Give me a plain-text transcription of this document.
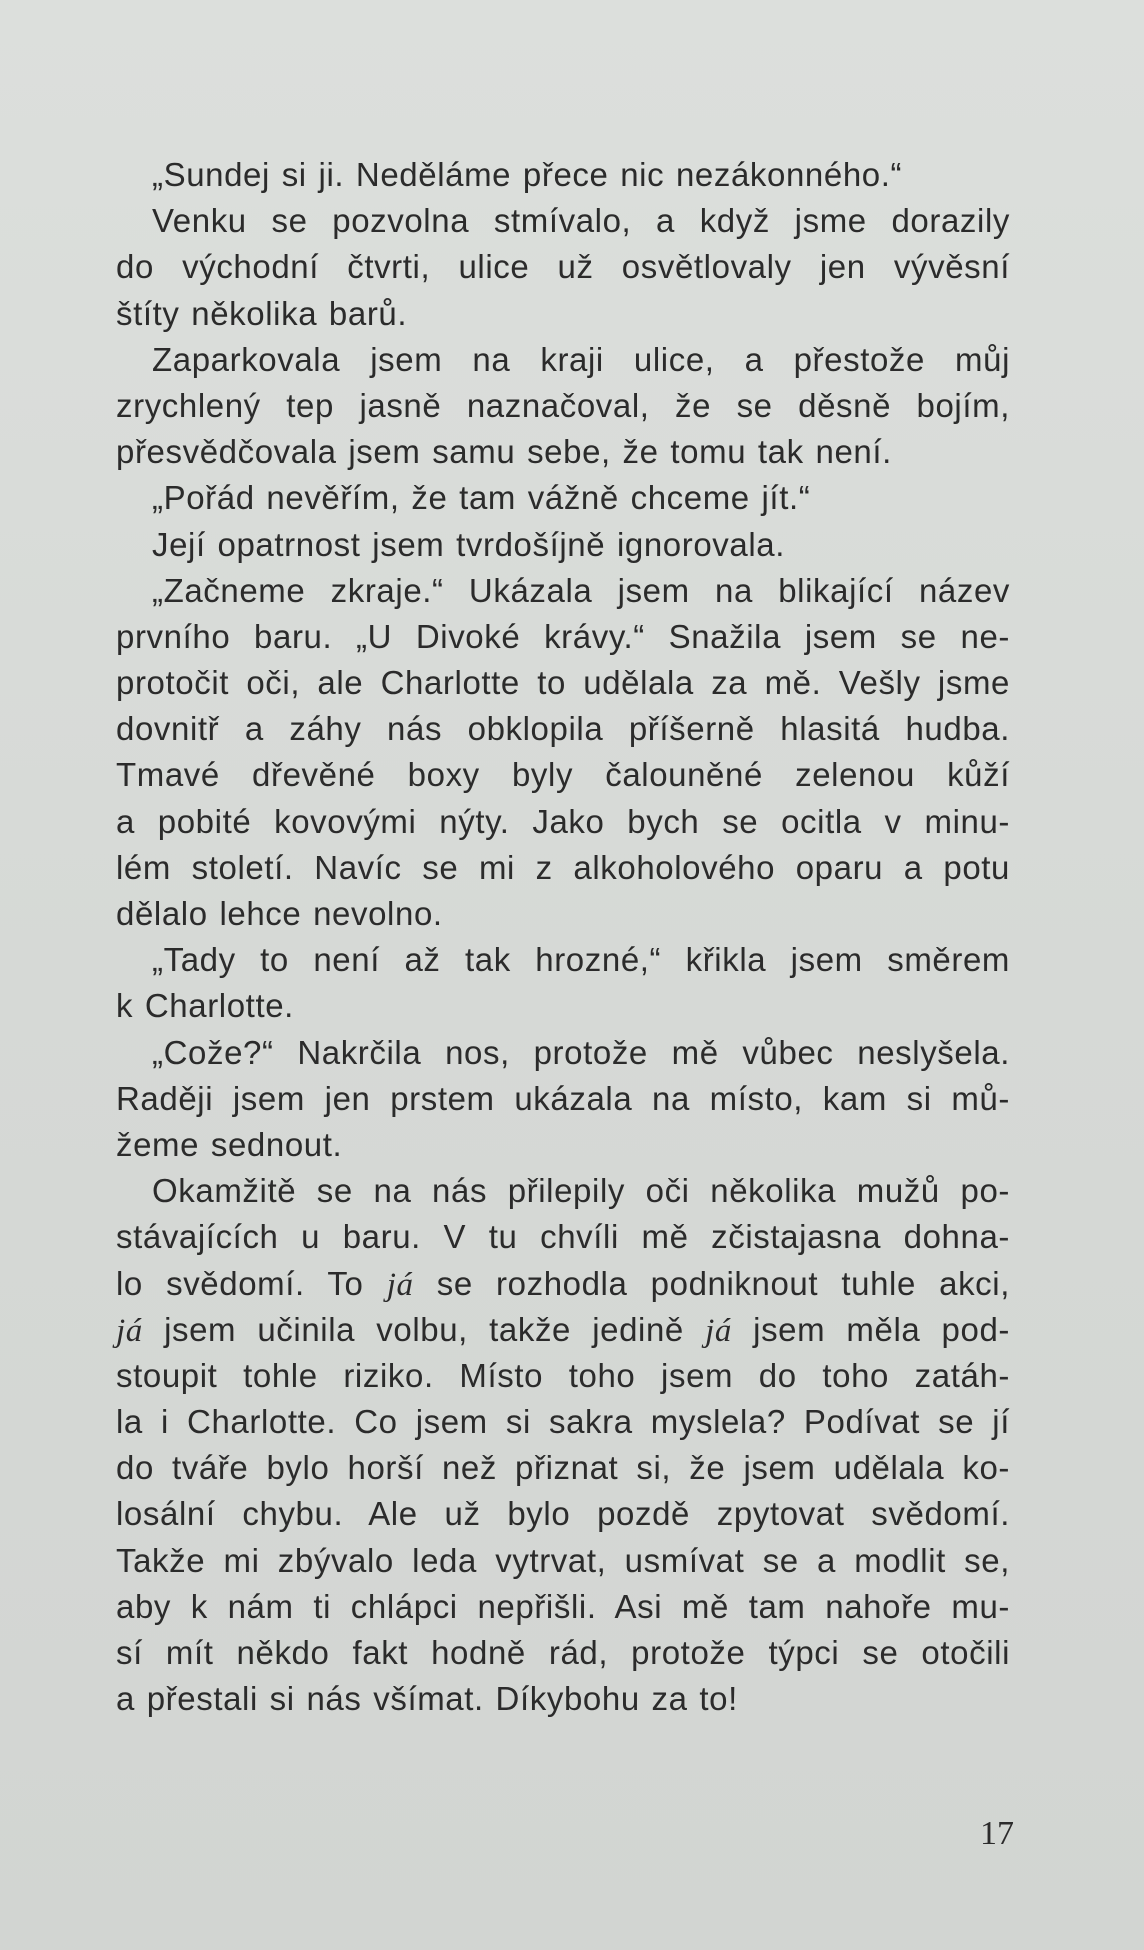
„Sundej si ji. Neděláme přece nic nezákonného.“
Venku se pozvolna stmívalo, a když jsme dorazily
do východní čtvrti, ulice už osvětlovaly jen vývěsní
štíty několika barů.
Zaparkovala jsem na kraji ulice, a přestože můj
zrychlený tep jasně naznačoval, že se děsně bojím,
přesvědčovala jsem samu sebe, že tomu tak není.
„Pořád nevěřím, že tam vážně chceme jít.“
Její opatrnost jsem tvrdošíjně ignorovala.
„Začneme zkraje.“ Ukázala jsem na blikající název
prvního baru. „U Divoké krávy.“ Snažila jsem se ne-
protočit oči, ale Charlotte to udělala za mě. Vešly jsme
dovnitř a záhy nás obklopila příšerně hlasitá hudba.
Tmavé dřevěné boxy byly čalouněné zelenou kůží
a pobité kovovými nýty. Jako bych se ocitla v minu-
lém století. Navíc se mi z alkoholového oparu a potu
dělalo lehce nevolno.
„Tady to není až tak hrozné,“ křikla jsem směrem
k Charlotte.
„Cože?“ Nakrčila nos, protože mě vůbec neslyšela.
Raději jsem jen prstem ukázala na místo, kam si mů-
žeme sednout.
Okamžitě se na nás přilepily oči několika mužů po-
stávajících u baru. V tu chvíli mě zčistajasna dohna-
lo svědomí. To já se rozhodla podniknout tuhle akci,
já jsem učinila volbu, takže jedině já jsem měla pod-
stoupit tohle riziko. Místo toho jsem do toho zatáh-
la i Charlotte. Co jsem si sakra myslela? Podívat se jí
do tváře bylo horší než přiznat si, že jsem udělala ko-
losální chybu. Ale už bylo pozdě zpytovat svědomí.
Takže mi zbývalo leda vytrvat, usmívat se a modlit se,
aby k nám ti chlápci nepřišli. Asi mě tam nahoře mu-
sí mít někdo fakt hodně rád, protože týpci se otočili
a přestali si nás všímat. Díkybohu za to!
17
